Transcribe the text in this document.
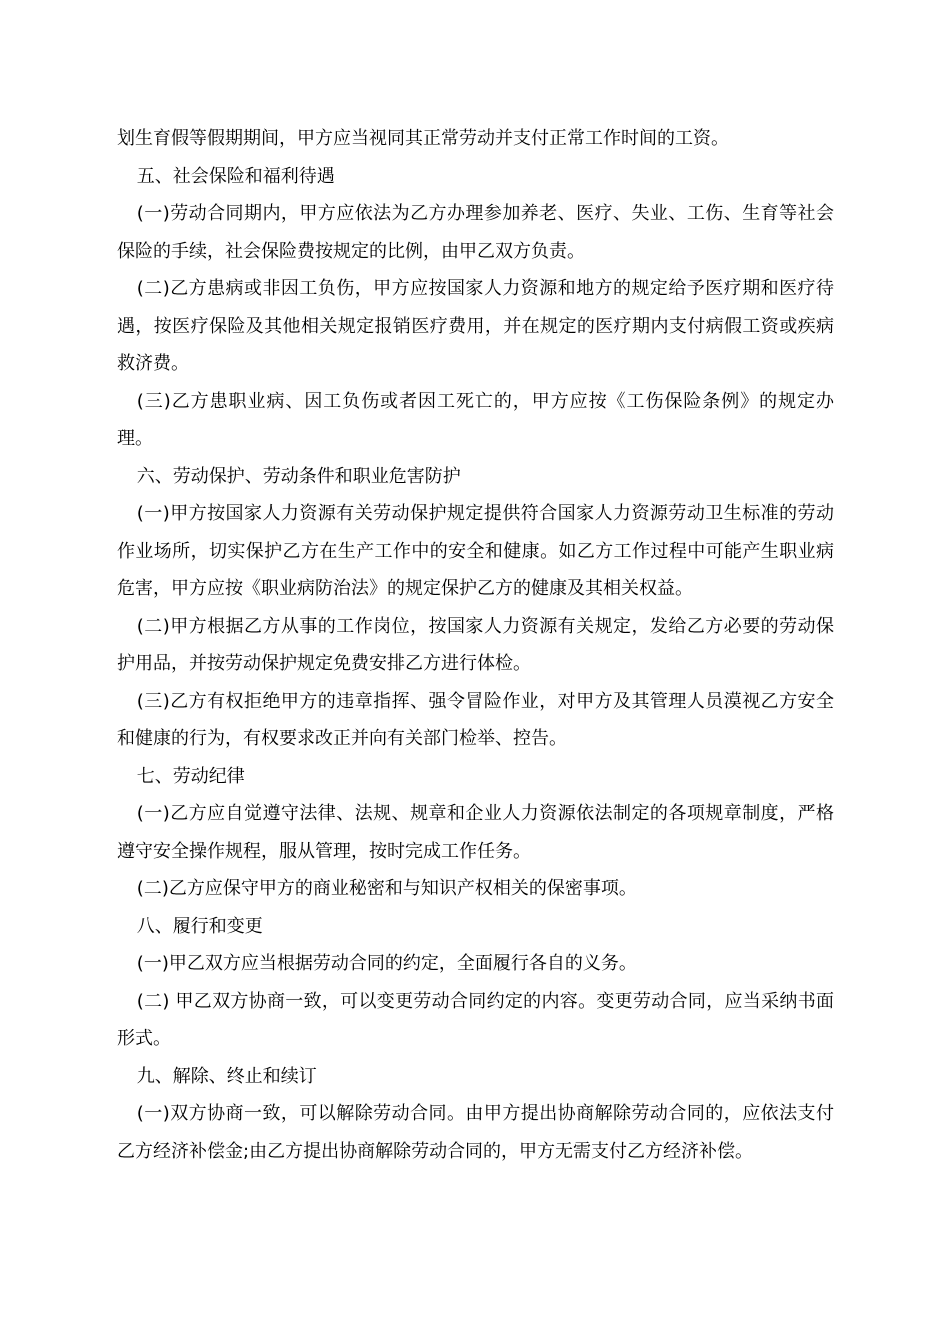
划生育假等假期期间，甲方应当视同其正常劳动并支付正常工作时间的工资。

五、社会保险和福利待遇

(一)劳动合同期内，甲方应依法为乙方办理参加养老、医疗、失业、工伤、生育等社会保险的手续，社会保险费按规定的比例，由甲乙双方负责。

(二)乙方患病或非因工负伤，甲方应按国家人力资源和地方的规定给予医疗期和医疗待遇，按医疗保险及其他相关规定报销医疗费用，并在规定的医疗期内支付病假工资或疾病救济费。

(三)乙方患职业病、因工负伤或者因工死亡的，甲方应按《工伤保险条例》的规定办理。

六、劳动保护、劳动条件和职业危害防护

(一)甲方按国家人力资源有关劳动保护规定提供符合国家人力资源劳动卫生标准的劳动作业场所，切实保护乙方在生产工作中的安全和健康。如乙方工作过程中可能产生职业病危害，甲方应按《职业病防治法》的规定保护乙方的健康及其相关权益。

(二)甲方根据乙方从事的工作岗位，按国家人力资源有关规定，发给乙方必要的劳动保护用品，并按劳动保护规定免费安排乙方进行体检。

(三)乙方有权拒绝甲方的违章指挥、强令冒险作业，对甲方及其管理人员漠视乙方安全和健康的行为，有权要求改正并向有关部门检举、控告。

七、劳动纪律

(一)乙方应自觉遵守法律、法规、规章和企业人力资源依法制定的各项规章制度，严格遵守安全操作规程，服从管理，按时完成工作任务。

(二)乙方应保守甲方的商业秘密和与知识产权相关的保密事项。

八、履行和变更

(一)甲乙双方应当根据劳动合同的约定，全面履行各自的义务。

(二) 甲乙双方协商一致，可以变更劳动合同约定的内容。变更劳动合同，应当采纳书面形式。

九、解除、终止和续订

(一)双方协商一致，可以解除劳动合同。由甲方提出协商解除劳动合同的，应依法支付乙方经济补偿金;由乙方提出协商解除劳动合同的，甲方无需支付乙方经济补偿。
